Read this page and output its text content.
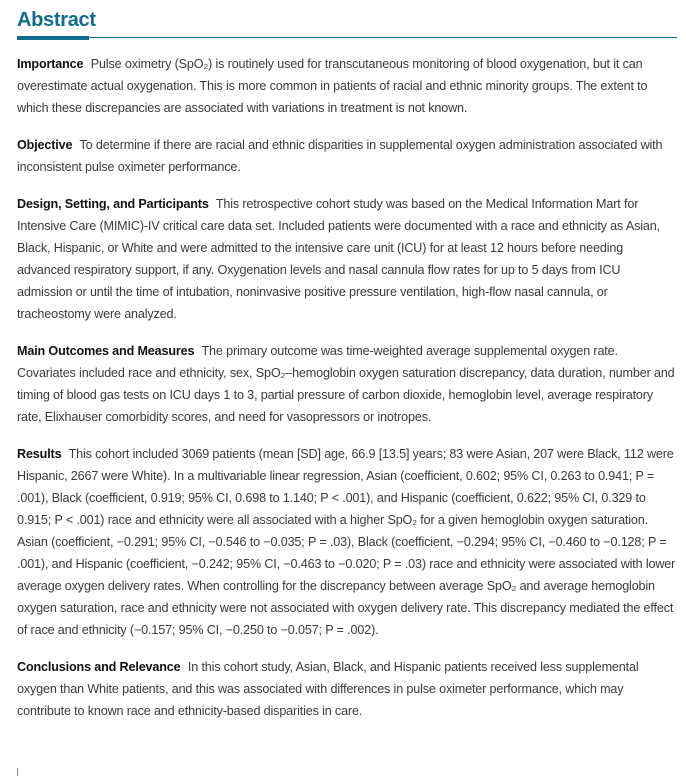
Abstract

Importance Pulse oximetry (SpO₂) is routinely used for transcutaneous monitoring of blood oxygenation, but it can overestimate actual oxygenation. This is more common in patients of racial and ethnic minority groups. The extent to which these discrepancies are associated with variations in treatment is not known.

Objective To determine if there are racial and ethnic disparities in supplemental oxygen administration associated with inconsistent pulse oximeter performance.

Design, Setting, and Participants This retrospective cohort study was based on the Medical Information Mart for Intensive Care (MIMIC)-IV critical care data set. Included patients were documented with a race and ethnicity as Asian, Black, Hispanic, or White and were admitted to the intensive care unit (ICU) for at least 12 hours before needing advanced respiratory support, if any. Oxygenation levels and nasal cannula flow rates for up to 5 days from ICU admission or until the time of intubation, noninvasive positive pressure ventilation, high-flow nasal cannula, or tracheostomy were analyzed.

Main Outcomes and Measures The primary outcome was time-weighted average supplemental oxygen rate. Covariates included race and ethnicity, sex, SpO₂–hemoglobin oxygen saturation discrepancy, data duration, number and timing of blood gas tests on ICU days 1 to 3, partial pressure of carbon dioxide, hemoglobin level, average respiratory rate, Elixhauser comorbidity scores, and need for vasopressors or inotropes.

Results This cohort included 3069 patients (mean [SD] age, 66.9 [13.5] years; 83 were Asian, 207 were Black, 112 were Hispanic, 2667 were White). In a multivariable linear regression, Asian (coefficient, 0.602; 95% CI, 0.263 to 0.941; P = .001), Black (coefficient, 0.919; 95% CI, 0.698 to 1.140; P < .001), and Hispanic (coefficient, 0.622; 95% CI, 0.329 to 0.915; P < .001) race and ethnicity were all associated with a higher SpO₂ for a given hemoglobin oxygen saturation. Asian (coefficient, −0.291; 95% CI, −0.546 to −0.035; P = .03), Black (coefficient, −0.294; 95% CI, −0.460 to −0.128; P = .001), and Hispanic (coefficient, −0.242; 95% CI, −0.463 to −0.020; P = .03) race and ethnicity were associated with lower average oxygen delivery rates. When controlling for the discrepancy between average SpO₂ and average hemoglobin oxygen saturation, race and ethnicity were not associated with oxygen delivery rate. This discrepancy mediated the effect of race and ethnicity (−0.157; 95% CI, −0.250 to −0.057; P = .002).

Conclusions and Relevance In this cohort study, Asian, Black, and Hispanic patients received less supplemental oxygen than White patients, and this was associated with differences in pulse oximeter performance, which may contribute to known race and ethnicity-based disparities in care.
